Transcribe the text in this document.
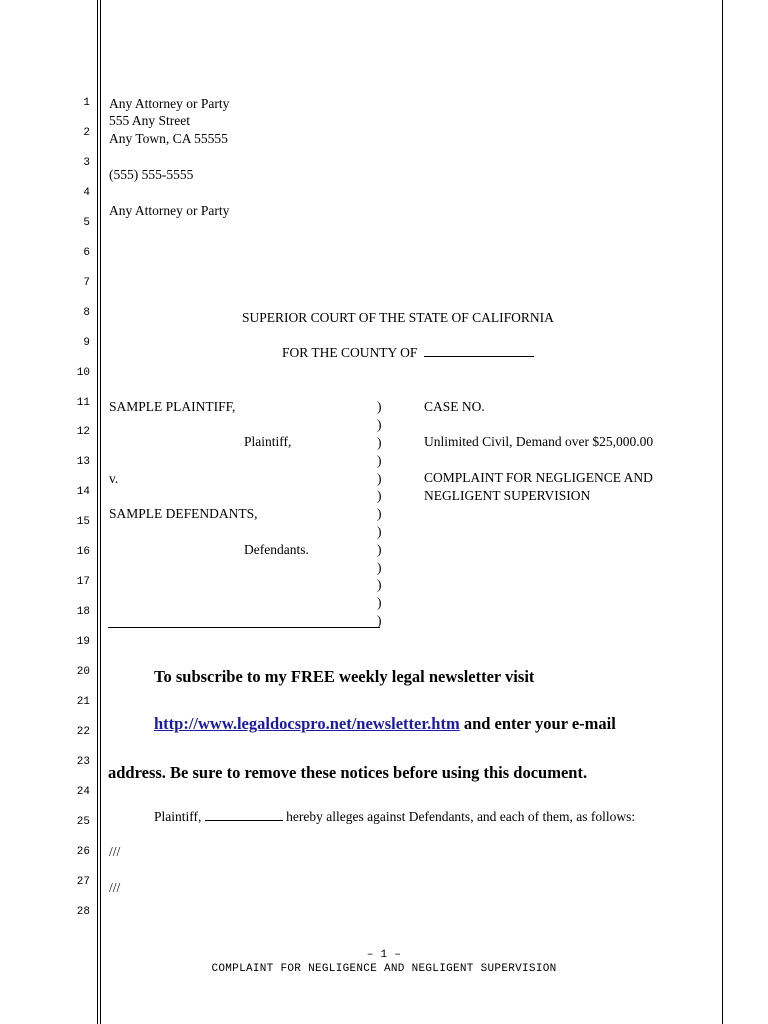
1
2
3
4
5
6
7
8
9
10
11
12
13
14
15
16
17
18
19
20
21
22
23
24
25
26
27
28
Any Attorney or Party
555 Any Street
Any Town, CA 55555
(555) 555-5555
Any Attorney or Party
SUPERIOR COURT OF THE STATE OF CALIFORNIA
FOR THE COUNTY OF
SAMPLE PLAINTIFF,
Plaintiff,
v.
SAMPLE DEFENDANTS,
Defendants.
)
)
)
)
)
)
)
)
)
)
)
)
)
CASE NO.
Unlimited Civil, Demand over $25,000.00
COMPLAINT FOR NEGLIGENCE AND
NEGLIGENT SUPERVISION
To subscribe to my FREE weekly legal newsletter visit
http://www.legaldocspro.net/newsletter.htm and enter your e-mail
address. Be sure to remove these notices before using this document.
Plaintiff,	hereby alleges against Defendants, and each of them, as follows:
///
///
– 1 –
COMPLAINT FOR NEGLIGENCE AND NEGLIGENT SUPERVISION
